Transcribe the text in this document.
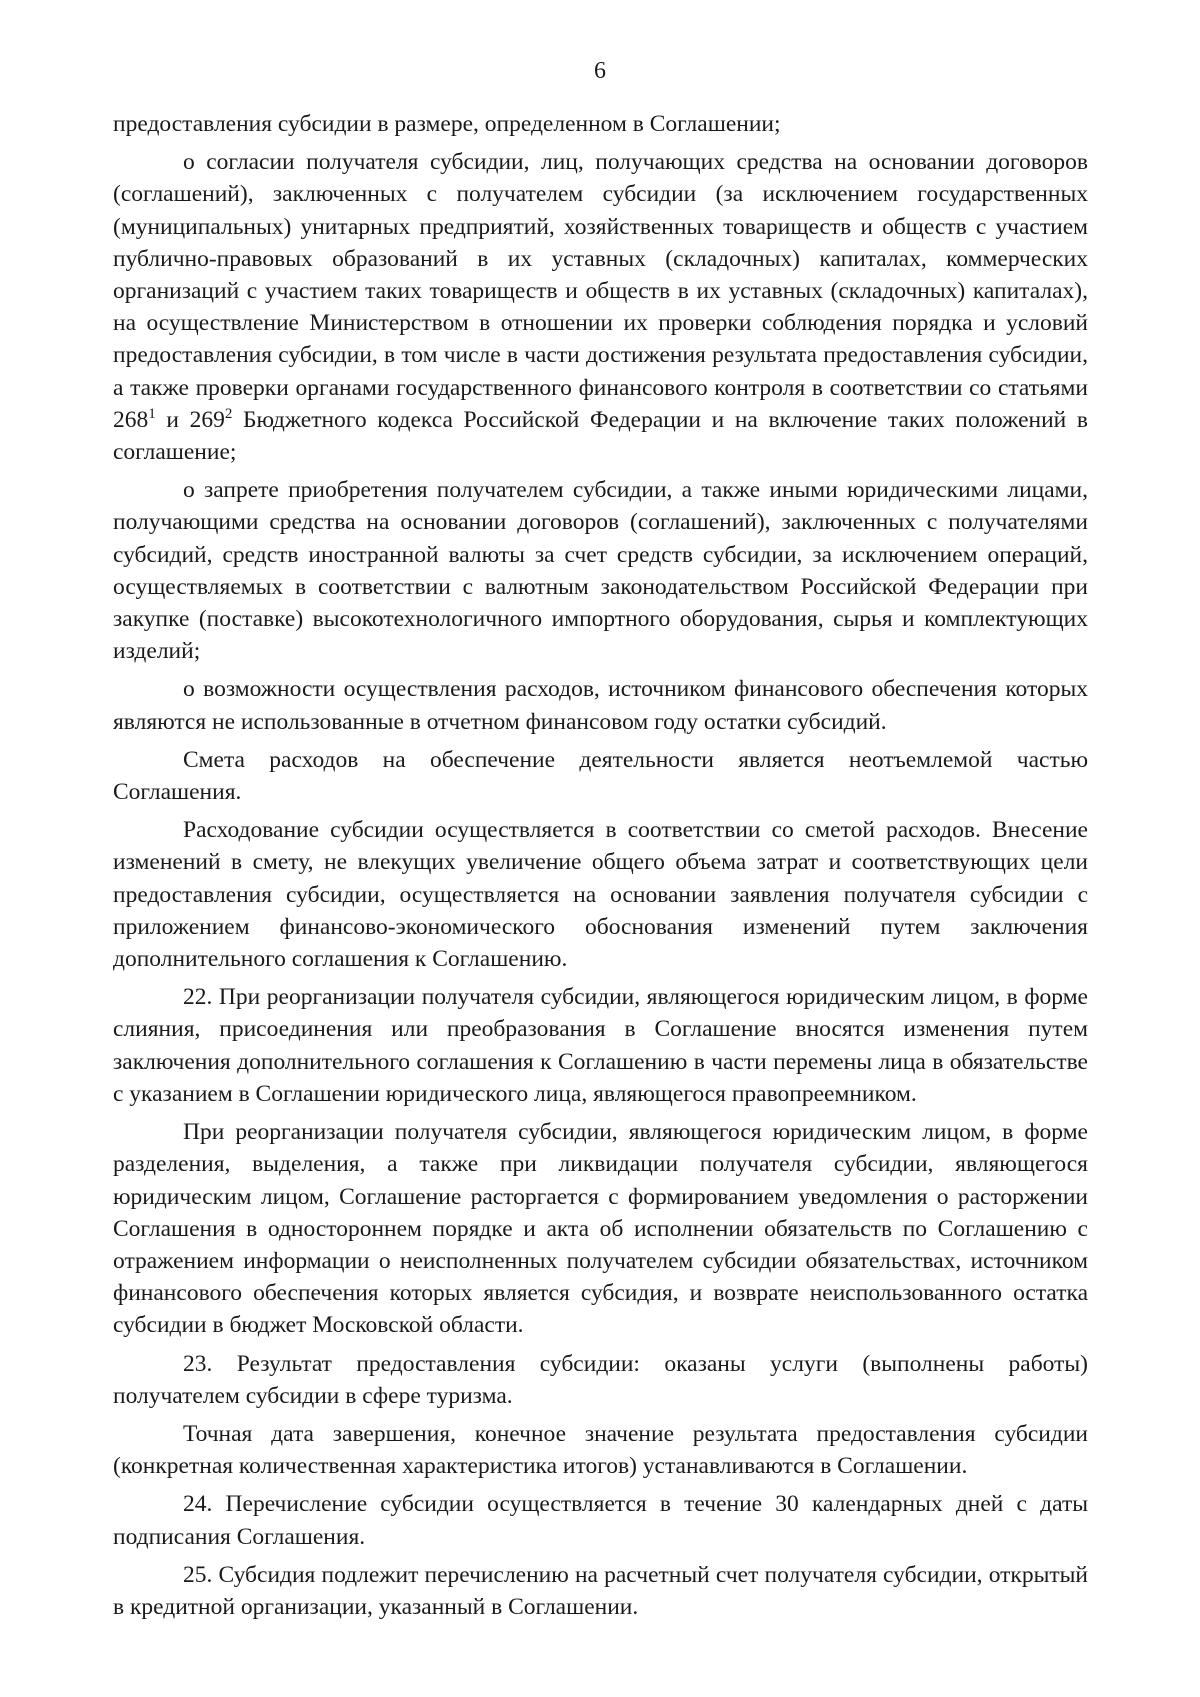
6

предоставления субсидии в размере, определенном в Соглашении;

о согласии получателя субсидии, лиц, получающих средства на основании договоров (соглашений), заключенных с получателем субсидии (за исключением государственных (муниципальных) унитарных предприятий, хозяйственных товариществ и обществ с участием публично-правовых образований в их уставных (складочных) капиталах, коммерческих организаций с участием таких товариществ и обществ в их уставных (складочных) капиталах), на осуществление Министерством в отношении их проверки соблюдения порядка и условий предоставления субсидии, в том числе в части достижения результата предоставления субсидии, а также проверки органами государственного финансового контроля в соответствии со статьями $268^1$ и $269^2$ Бюджетного кодекса Российской Федерации и на включение таких положений в соглашение;

о запрете приобретения получателем субсидии, а также иными юридическими лицами, получающими средства на основании договоров (соглашений), заключенных с получателями субсидий, средств иностранной валюты за счет средств субсидии, за исключением операций, осуществляемых в соответствии с валютным законодательством Российской Федерации при закупке (поставке) высокотехнологичного импортного оборудования, сырья и комплектующих изделий;

о возможности осуществления расходов, источником финансового обеспечения которых являются не использованные в отчетном финансовом году остатки субсидий.

Смета расходов на обеспечение деятельности является неотъемлемой частью Соглашения.

Расходование субсидии осуществляется в соответствии со сметой расходов. Внесение изменений в смету, не влекущих увеличение общего объема затрат и соответствующих цели предоставления субсидии, осуществляется на основании заявления получателя субсидии с приложением финансово-экономического обоснования изменений путем заключения дополнительного соглашения к Соглашению.

22. При реорганизации получателя субсидии, являющегося юридическим лицом, в форме слияния, присоединения или преобразования в Соглашение вносятся изменения путем заключения дополнительного соглашения к Соглашению в части перемены лица в обязательстве с указанием в Соглашении юридического лица, являющегося правопреемником.

При реорганизации получателя субсидии, являющегося юридическим лицом, в форме разделения, выделения, а также при ликвидации получателя субсидии, являющегося юридическим лицом, Соглашение расторгается с формированием уведомления о расторжении Соглашения в одностороннем порядке и акта об исполнении обязательств по Соглашению с отражением информации о неисполненных получателем субсидии обязательствах, источником финансового обеспечения которых является субсидия, и возврате неиспользованного остатка субсидии в бюджет Московской области.

23. Результат предоставления субсидии: оказаны услуги (выполнены работы) получателем субсидии в сфере туризма.

Точная дата завершения, конечное значение результата предоставления субсидии (конкретная количественная характеристика итогов) устанавливаются в Соглашении.

24. Перечисление субсидии осуществляется в течение 30 календарных дней с даты подписания Соглашения.

25. Субсидия подлежит перечислению на расчетный счет получателя субсидии, открытый в кредитной организации, указанный в Соглашении.
